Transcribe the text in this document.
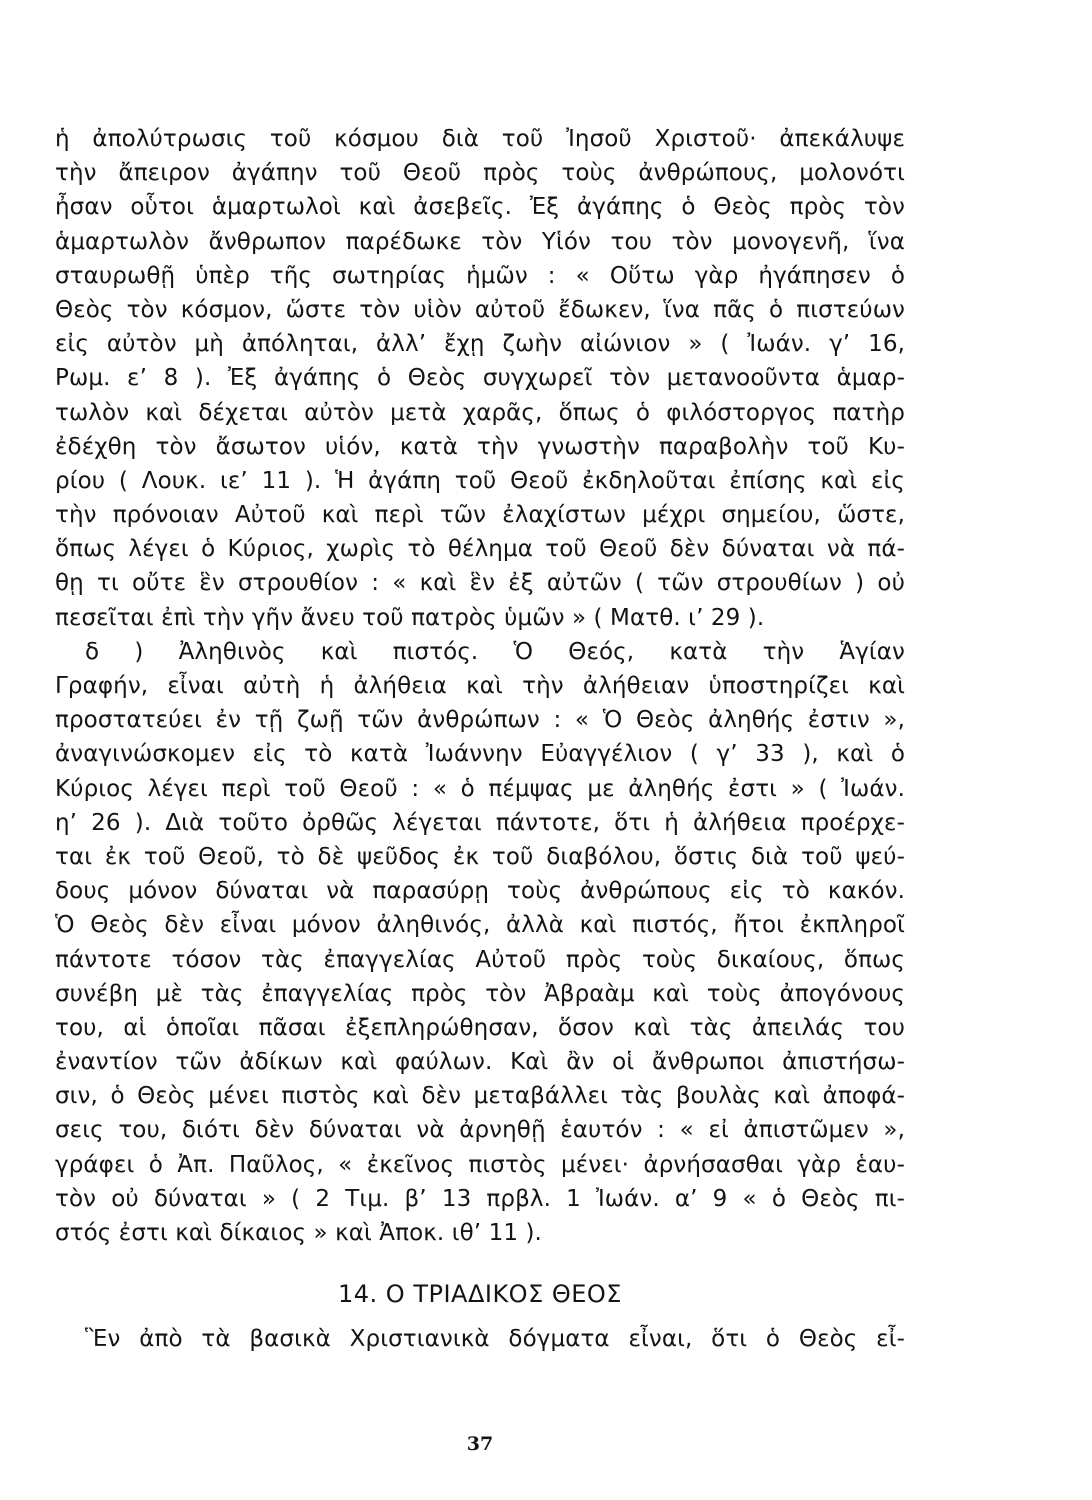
ἡ ἀπολύτρωσις τοῦ κόσμου διὰ τοῦ Ἰησοῦ Χριστοῦ· ἀπεκάλυψε
τὴν ἄπειρον ἀγάπην τοῦ Θεοῦ πρὸς τοὺς ἀνθρώπους, μολονότι
ἦσαν οὗτοι ἁμαρτωλοὶ καὶ ἀσεβεῖς. Ἐξ ἀγάπης ὁ Θεὸς πρὸς τὸν
ἁμαρτωλὸν ἄνθρωπον παρέδωκε τὸν Υἱόν του τὸν μονογενῆ, ἵνα
σταυρωθῇ ὑπὲρ τῆς σωτηρίας ἡμῶν : « Οὕτω γὰρ ἠγάπησεν ὁ
Θεὸς τὸν κόσμον, ὥστε τὸν υἱὸν αὐτοῦ ἔδωκεν, ἵνα πᾶς ὁ πιστεύων
εἰς αὐτὸν μὴ ἀπόληται, ἀλλ’ ἔχῃ ζωὴν αἰώνιον » ( Ἰωάν. γ’ 16,
Ρωμ. ε’ 8 ). Ἐξ ἀγάπης ὁ Θεὸς συγχωρεῖ τὸν μετανοοῦντα ἁμαρ-
τωλὸν καὶ δέχεται αὐτὸν μετὰ χαρᾶς, ὅπως ὁ φιλόστοργος πατὴρ
ἐδέχθη τὸν ἄσωτον υἱόν, κατὰ τὴν γνωστὴν παραβολὴν τοῦ Κυ-
ρίου ( Λουκ. ιε’ 11 ). Ἡ ἀγάπη τοῦ Θεοῦ ἐκδηλοῦται ἐπίσης καὶ εἰς
τὴν πρόνοιαν Αὐτοῦ καὶ περὶ τῶν ἐλαχίστων μέχρι σημείου, ὥστε,
ὅπως λέγει ὁ Κύριος, χωρὶς τὸ θέλημα τοῦ Θεοῦ δὲν δύναται νὰ πά-
θῃ τι οὔτε ἓν στρουθίον : « καὶ ἓν ἐξ αὐτῶν ( τῶν στρουθίων ) οὐ
πεσεῖται ἐπὶ τὴν γῆν ἄνευ τοῦ πατρὸς ὑμῶν » ( Ματθ. ι’ 29 ).
δ ) Ἀληθινὸς καὶ πιστός. Ὁ Θεός, κατὰ τὴν Ἁγίαν
Γραφήν, εἶναι αὐτὴ ἡ ἀλήθεια καὶ τὴν ἀλήθειαν ὑποστηρίζει καὶ
προστατεύει ἐν τῇ ζωῇ τῶν ἀνθρώπων : « Ὁ Θεὸς ἀληθής ἐστιν »,
ἀναγινώσκομεν εἰς τὸ κατὰ Ἰωάννην Εὐαγγέλιον ( γ’ 33 ), καὶ ὁ
Κύριος λέγει περὶ τοῦ Θεοῦ : « ὁ πέμψας με ἀληθής ἐστι » ( Ἰωάν.
η’ 26 ). Διὰ τοῦτο ὀρθῶς λέγεται πάντοτε, ὅτι ἡ ἀλήθεια προέρχε-
ται ἐκ τοῦ Θεοῦ, τὸ δὲ ψεῦδος ἐκ τοῦ διαβόλου, ὅστις διὰ τοῦ ψεύ-
δους μόνον δύναται νὰ παρασύρῃ τοὺς ἀνθρώπους εἰς τὸ κακόν.
Ὁ Θεὸς δὲν εἶναι μόνον ἀληθινός, ἀλλὰ καὶ πιστός, ἤτοι ἐκπληροῖ
πάντοτε τόσον τὰς ἐπαγγελίας Αὐτοῦ πρὸς τοὺς δικαίους, ὅπως
συνέβη μὲ τὰς ἐπαγγελίας πρὸς τὸν Ἀβραὰμ καὶ τοὺς ἀπογόνους
του, αἱ ὁποῖαι πᾶσαι ἐξεπληρώθησαν, ὅσον καὶ τὰς ἀπειλάς του
ἐναντίον τῶν ἀδίκων καὶ φαύλων. Καὶ ἂν οἱ ἄνθρωποι ἀπιστήσω-
σιν, ὁ Θεὸς μένει πιστὸς καὶ δὲν μεταβάλλει τὰς βουλὰς καὶ ἀποφά-
σεις του, διότι δὲν δύναται νὰ ἀρνηθῇ ἑαυτόν : « εἰ ἀπιστῶμεν »,
γράφει ὁ Ἀπ. Παῦλος, « ἐκεῖνος πιστὸς μένει· ἀρνήσασθαι γὰρ ἑαυ-
τὸν οὐ δύναται » ( 2 Τιμ. β’ 13 πρβλ. 1 Ἰωάν. α’ 9 « ὁ Θεὸς πι-
στός ἐστι καὶ δίκαιος » καὶ Ἀποκ. ιθ’ 11 ).
14. Ο ΤΡΙΑΔΙΚΟΣ ΘΕΟΣ
Ἓν ἀπὸ τὰ βασικὰ Χριστιανικὰ δόγματα εἶναι, ὅτι ὁ Θεὸς εἶ-
37
